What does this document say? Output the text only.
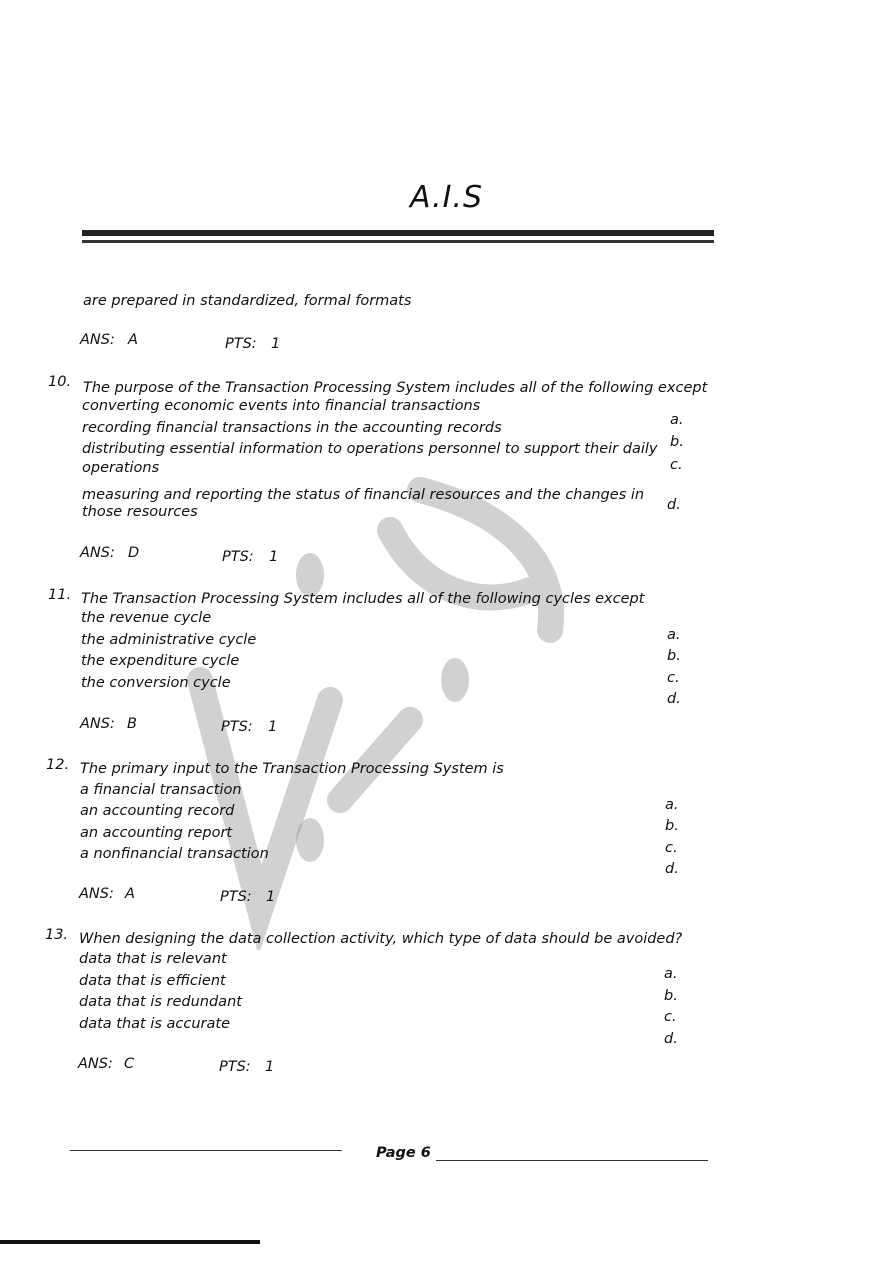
A.I.S
are prepared in standardized, formal formats
ANS: A	PTS: 1
10. The purpose of the Transaction Processing System includes all of the following except
converting economic events into financial transactions
recording financial transactions in the accounting records
distributing essential information to operations personnel to support their daily
operations
measuring and reporting the status of financial resources and the changes in
those resources
a.
b.
c.
d.
ANS: D	PTS: 1
11. The Transaction Processing System includes all of the following cycles except
the revenue cycle
the administrative cycle
the expenditure cycle
the conversion cycle
a.
b.
c.
d.
ANS: B	PTS: 1
12. The primary input to the Transaction Processing System is
a financial transaction
an accounting record
an accounting report
a nonfinancial transaction
a.
b.
c.
d.
ANS: A	PTS: 1
13. When designing the data collection activity, which type of data should be avoided?
data that is relevant
data that is efficient
data that is redundant
data that is accurate
a.
b.
c.
d.
ANS: C	PTS: 1
Page 6
